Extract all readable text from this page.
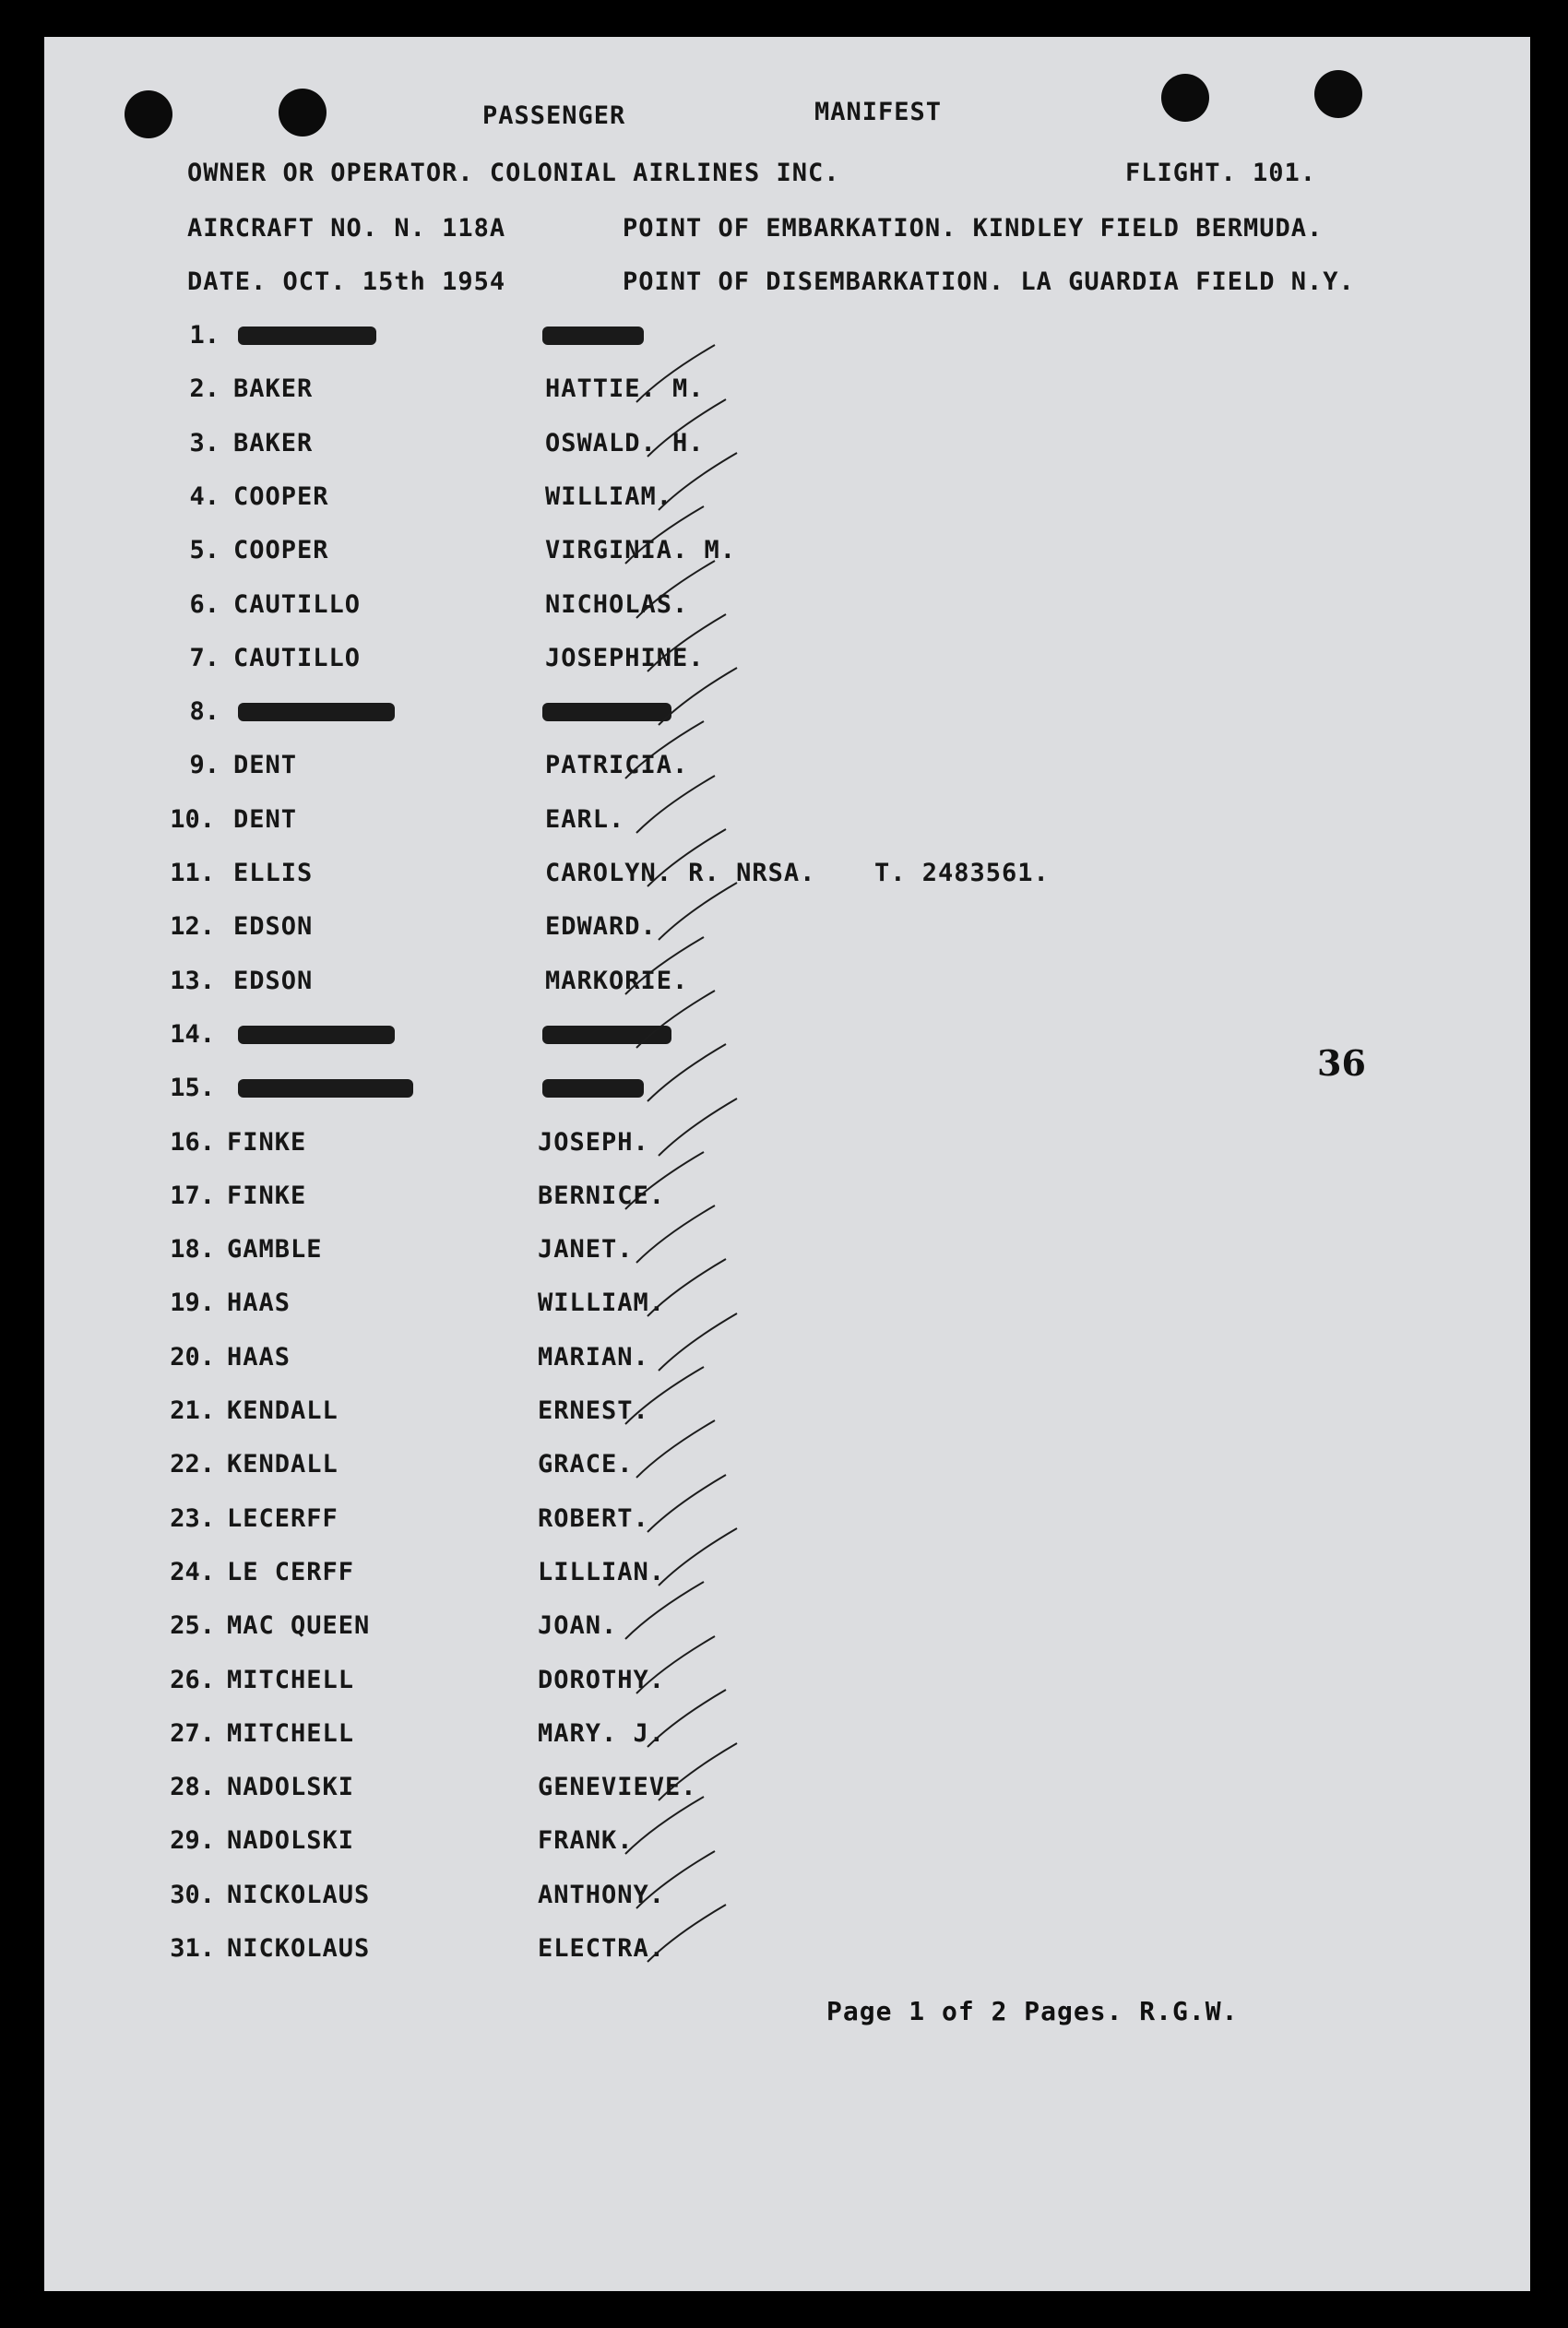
PASSENGER	MANIFEST
OWNER OR OPERATOR. COLONIAL AIRLINES INC.	FLIGHT. 101.
AIRCRAFT NO. N. 118A	POINT OF EMBARKATION. KINDLEY FIELD BERMUDA.
DATE. OCT. 15th 1954	POINT OF DISEMBARKATION. LA GUARDIA FIELD N.Y.
1.
2. BAKER	HATTIE. M.
3. BAKER	OSWALD. H.
4. COOPER	WILLIAM.
5. COOPER	VIRGINIA. M.
6. CAUTILLO	NICHOLAS.
7. CAUTILLO	JOSEPHINE.
8.
9. DENT	PATRICIA.
10. DENT	EARL.
11. ELLIS	CAROLYN. R. NRSA. T. 2483561.
12. EDSON	EDWARD.
13. EDSON	MARKORIE.
14.
15.
16. FINKE	JOSEPH.
17. FINKE	BERNICE.
18. GAMBLE	JANET.
19. HAAS	WILLIAM.
20. HAAS	MARIAN.
21. KENDALL	ERNEST.
22. KENDALL	GRACE.
23. LECERFF	ROBERT.
24. LE CERFF	LILLIAN.
25. MAC QUEEN	JOAN.
26. MITCHELL	DOROTHY.
27. MITCHELL	MARY. J.
28. NADOLSKI	GENEVIEVE.
29. NADOLSKI	FRANK.
30. NICKOLAUS	ANTHONY.
31. NICKOLAUS	ELECTRA.
36
Page 1 of 2 Pages. R.G.W.
